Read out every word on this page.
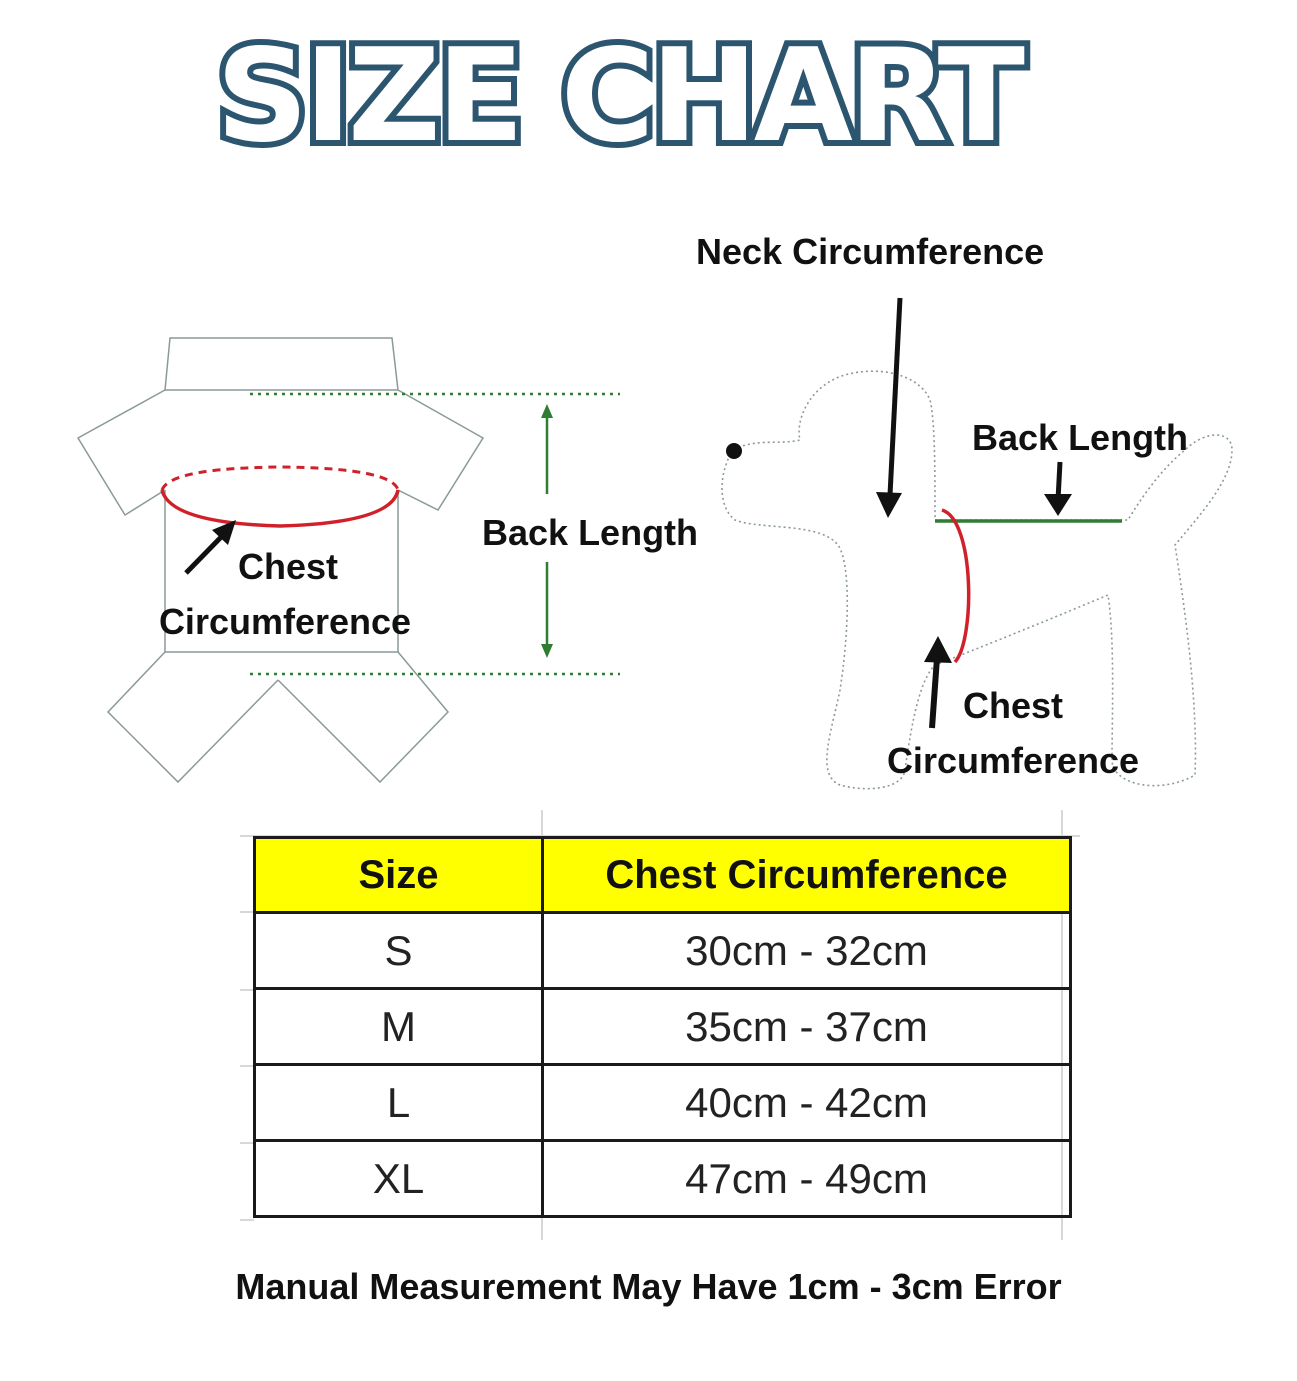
SIZE CHART
Back Length
Chest
Circumference
Neck Circumference
Back Length
Chest
Circumference
Size	Chest Circumference
S	30cm - 32cm
M	35cm - 37cm
L	40cm - 42cm
XL	47cm - 49cm
Manual Measurement May Have 1cm - 3cm Error
